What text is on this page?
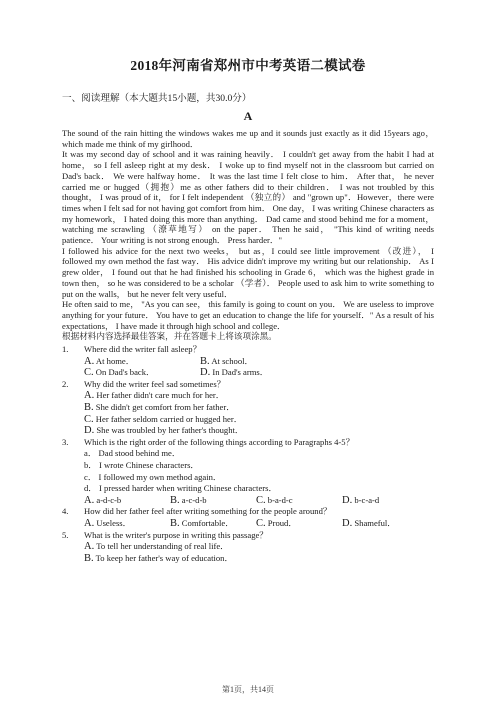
2018年河南省郑州市中考英语二模试卷
一、阅读理解（本大题共15小题，共30.0分）
A

The sound of the rain hitting the windows wakes me up and it sounds just exactly as it did 15years ago， which made me think of my girlhood．

It was my second day of school and it was raining heavily． I couldn't get away from the habit I had at home， so I fell asleep right at my desk． I woke up to find myself not in the classroom but carried on Dad's back． We were halfway home． It was the last time I felt close to him． After that， he never carried me or hugged（拥抱）me as other fathers did to their children． I was not troubled by this thought， I was proud of it， for I felt independent （独立的） and "grown up"．However，there were times when I felt sad for not having got comfort from him． One day， I was writing Chinese characters as my homework， I hated doing this more than anything． Dad came and stood behind me for a moment， watching me scrawling （潦草地写） on the paper． Then he said， "This kind of writing needs patience． Your writing is not strong enough． Press harder．"

I followed his advice for the next two weeks， but as，I could see little improvement （改进）， I followed my own method the fast way． His advice didn't improve my writing but our relationship． As I grew older， I found out that he had finished his schooling in Grade 6， which was the highest grade in town then， so he was considered to be a scholar （学者）． People used to ask him to write something to put on the walls， but he never felt very useful．

He often said to me， "As you can see， this family is going to count on you． We are useless to improve anything for your future． You have to get an education to change the life for yourself．" As a result of his expectations， I have made it through high school and college．

根据材料内容选择最佳答案，并在答题卡上将该项涂黑。

1.	Where did the writer fall asleep？
A. At home．	B. At school．
C. On Dad's back．	D. In Dad's arms．
2.	Why did the writer feel sad sometimes？
A. Her father didn't care much for her．
B. She didn't get comfort from her father．
C. Her father seldom carried or hugged her．
D. She was troubled by her father's thought．
3.	Which is the right order of the following things according to Paragraphs 4-5？
a． Dad stood behind me．
b． I wrote Chinese characters．
c． I followed my own method again．
d． I pressed harder when writing Chinese characters．
A. a-d-c-b	B. a-c-d-b	C. b-a-d-c	D. b-c-a-d
4.	How did her father feel after writing something for the people around？
A. Useless．	B. Comfortable．	C. Proud．	D. Shameful．
5.	What is the writer's purpose in writing this passage？
A. To tell her understanding of real life．
B. To keep her father's way of education．
第1页，共14页
